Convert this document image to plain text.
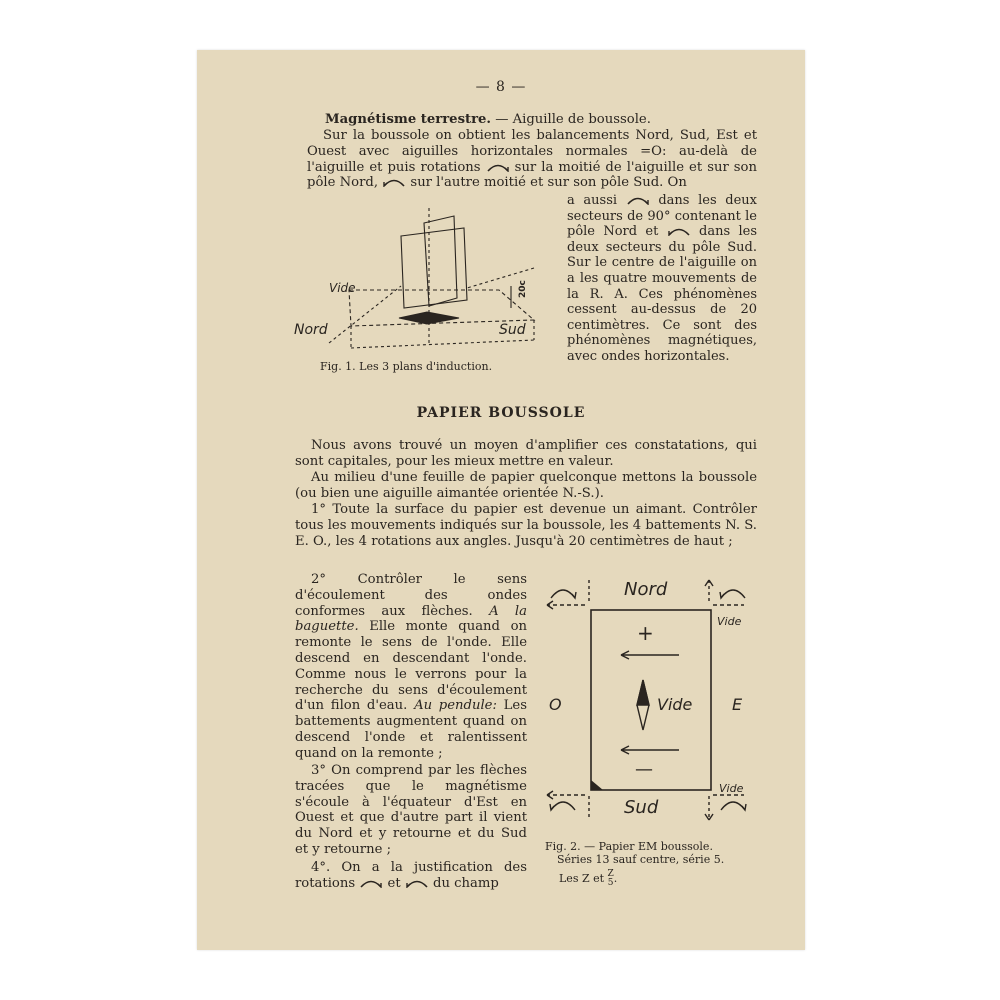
— 8 —
Magnétisme terrestre. — Aiguille de boussole.
Sur la boussole on obtient les balancements Nord, Sud, Est et Ouest avec aiguilles horizontales normales =O: au-delà de l'aiguille et puis rotations	sur la moitié de l'aiguille et sur son pôle Nord, sur l'autre moitié et sur son pôle Sud. On
a aussi	dans les deux secteurs de 90° contenant le pôle Nord et	dans les deux secteurs du pôle Sud. Sur le centre de l'aiguille on a les quatre mouvements de la R. A. Ces phénomènes cessent au-dessus de 20 centimètres. Ce sont des phénomènes magnétiques, avec ondes horizontales.
Vide
Nord	Sud
20c
Fig. 1. Les 3 plans d'induction.
PAPIER BOUSSOLE
Nous avons trouvé un moyen d'amplifier ces constatations, qui sont capitales, pour les mieux mettre en valeur.
Au milieu d'une feuille de papier quelconque mettons la boussole (ou bien une aiguille aimantée orientée N.-S.).
1° Toute la surface du papier est devenue un aimant. Contrôler tous les mouvements indiqués sur la boussole, les 4 battements N. S. E. O., les 4 rotations aux angles. Jusqu'à 20 centimètres de haut ;
2° Contrôler le sens d'écoulement des ondes conformes aux flèches. A la baguette. Elle monte quand on remonte le sens de l'onde. Elle descend en descendant l'onde. Comme nous le verrons pour la recherche du sens d'écoulement d'un filon d'eau. Au pendule: Les battements augmentent quand on descend l'onde et ralentissent quand on la remonte ;
3° On comprend par les flèches tracées que le magnétisme s'écoule à l'équateur d'Est en Ouest et que d'autre part il vient du Nord et y retourne et du Sud et y retourne ;
4°. On a la justification des rotations et du champ
Nord
Sud
O	E
Vide
Vide
Vide
+
—
Fig. 2. — Papier EM boussole.
Séries 13 sauf centre, série 5.
Les Z et Z
5 .
